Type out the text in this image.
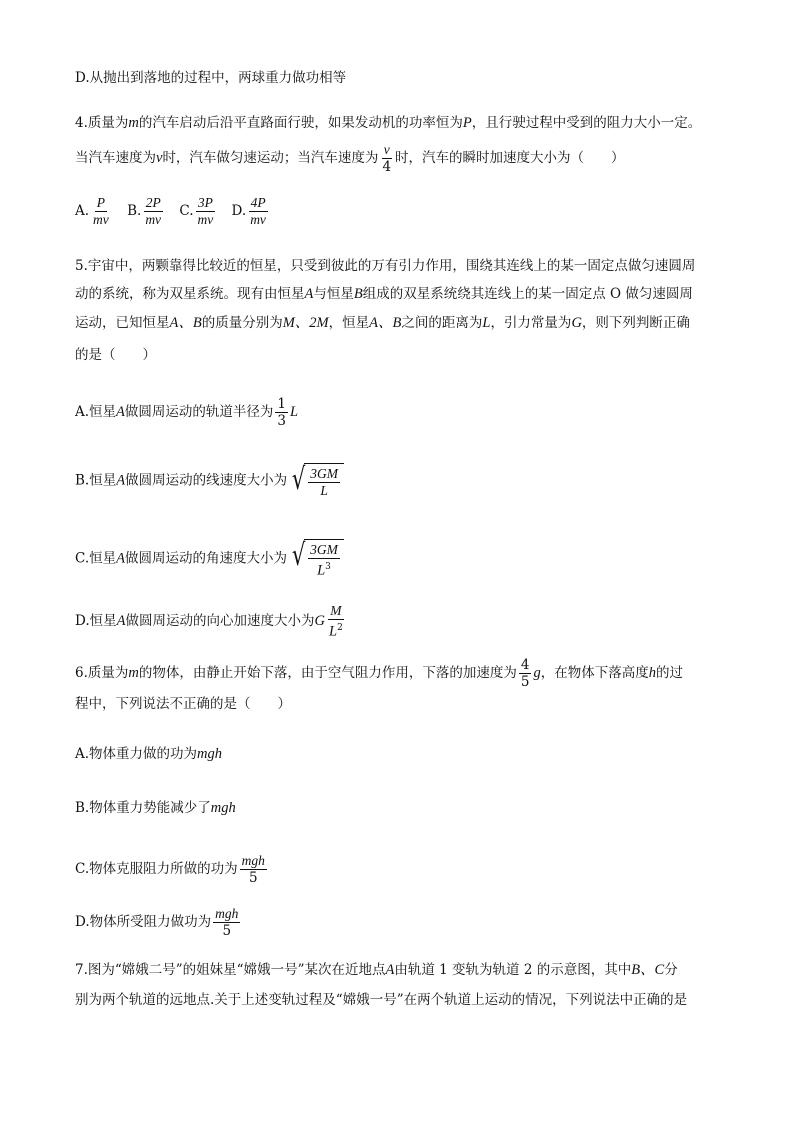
D.从抛出到落地的过程中，两球重力做功相等
4.质量为m的汽车启动后沿平直路面行驶，如果发动机的功率恒为P，且行驶过程中受到的阻力大小一定。
当汽车速度为v时，汽车做匀速运动；当汽车速度为 $\frac{v}{4}$ 时，汽车的瞬时加速度大小为（　　）
A. $\frac{P}{mv} B$. $\frac{2P}{mv} C$. $\frac{3P}{mv} D$. $\frac{4P}{mv}$
5.宇宙中，两颗靠得比较近的恒星，只受到彼此的万有引力作用，围绕其连线上的某一固定点做匀速圆周
动的系统，称为双星系统。现有由恒星A与恒星B组成的双星系统绕其连线上的某一固定点 O 做匀速圆周
运动，已知恒星A、B的质量分别为M、2M，恒星A、B之间的距离为L，引力常量为G，则下列判断正确
的是（　　）
A.恒星A做圆周运动的轨道半径为 $\frac{1}{3}$ L
B.恒星A做圆周运动的线速度大小为 √ $\frac{3GM}{L}$
C.恒星A做圆周运动的角速度大小为 √ $\frac{3GM}{L^3}$
D.恒星A做圆周运动的向心加速度大小为G $\frac{M}{L^2}$
6.质量为m的物体，由静止开始下落，由于空气阻力作用，下落的加速度为 $\frac{4}{5}$ g，在物体下落高度h的过
程中，下列说法不正确的是（　　）
A.物体重力做的功为mgh
B.物体重力势能减少了mgh
C.物体克服阻力所做的功为 $\frac{\text{mgh}}{5}$
D.物体所受阻力做功为 $\frac{\text{mgh}}{5}$
7.图为“嫦娥二号”的姐妹星“嫦娥一号”某次在近地点A由轨道 1 变轨为轨道 2 的示意图，其中B、C分
别为两个轨道的远地点.关于上述变轨过程及“嫦娥一号”在两个轨道上运动的情况，下列说法中正确的是
